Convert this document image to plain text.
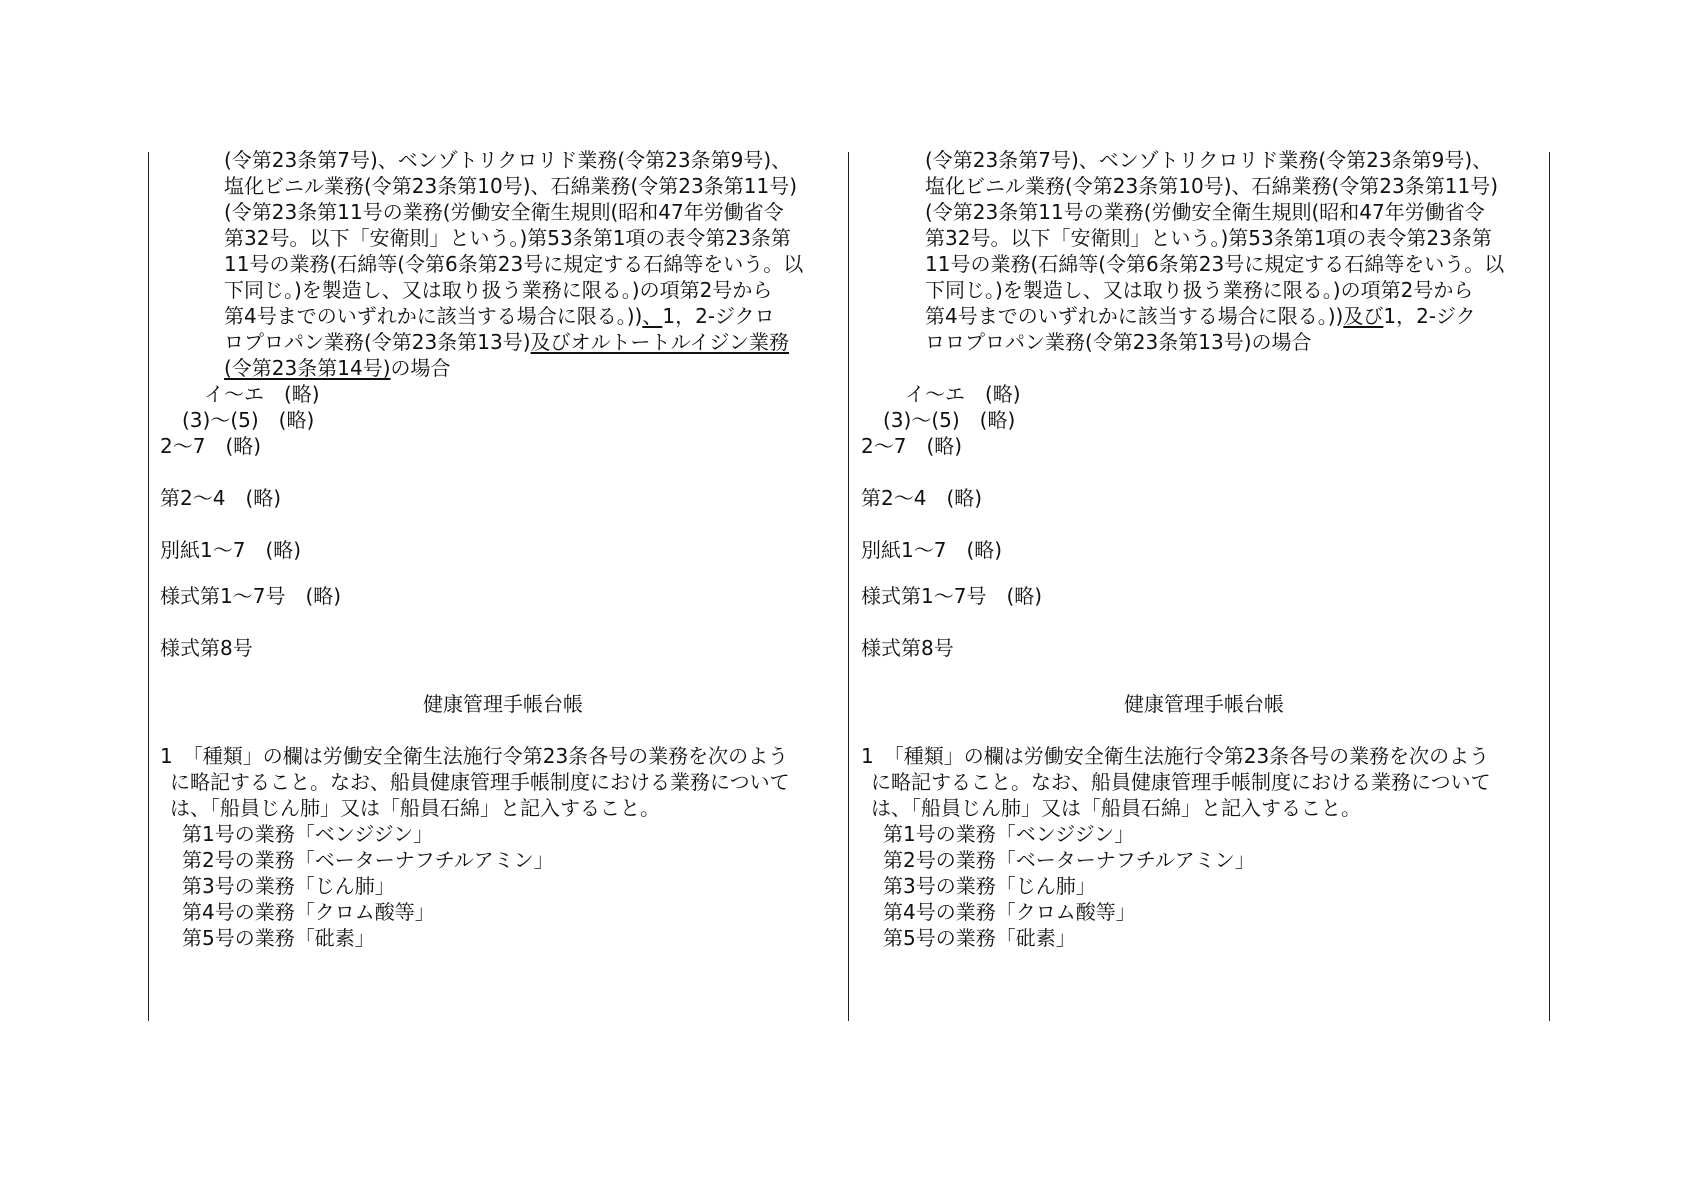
(令第23条第7号)、ベンゾトリクロリド業務(令第23条第9号)、
塩化ビニル業務(令第23条第10号)、石綿業務(令第23条第11号)
(令第23条第11号の業務(労働安全衛生規則(昭和47年労働省令
第32号。以下「安衛則」という。)第53条第1項の表令第23条第
11号の業務(石綿等(令第6条第23号に規定する石綿等をいう。以
下同じ。)を製造し、又は取り扱う業務に限る。)の項第2号から
第4号までのいずれかに該当する場合に限る。))、1，2-ジクロ
ロプロパン業務(令第23条第13号)及びオルトートルイジン業務
(令第23条第14号)の場合
イ～エ　(略)
(3)～(5)　(略)
2～7　(略)
第2～4　(略)
別紙1～7　(略)
様式第1～7号　(略)
様式第8号
健康管理手帳台帳
1　「種類」の欄は労働安全衛生法施行令第23条各号の業務を次のよう
に略記すること。なお、船員健康管理手帳制度における業務について
は、「船員じん肺」又は「船員石綿」と記入すること。
第1号の業務「ベンジジン」
第2号の業務「ベーターナフチルアミン」
第3号の業務「じん肺」
第4号の業務「クロム酸等」
第5号の業務「砒素」
(令第23条第7号)、ベンゾトリクロリド業務(令第23条第9号)、
塩化ビニル業務(令第23条第10号)、石綿業務(令第23条第11号)
(令第23条第11号の業務(労働安全衛生規則(昭和47年労働省令
第32号。以下「安衛則」という。)第53条第1項の表令第23条第
11号の業務(石綿等(令第6条第23号に規定する石綿等をいう。以
下同じ。)を製造し、又は取り扱う業務に限る。)の項第2号から
第4号までのいずれかに該当する場合に限る。))及び1，2-ジク
ロロプロパン業務(令第23条第13号)の場合
イ～エ　(略)
(3)～(5)　(略)
2～7　(略)
第2～4　(略)
別紙1～7　(略)
様式第1～7号　(略)
様式第8号
健康管理手帳台帳
1　「種類」の欄は労働安全衛生法施行令第23条各号の業務を次のよう
に略記すること。なお、船員健康管理手帳制度における業務について
は、「船員じん肺」又は「船員石綿」と記入すること。
第1号の業務「ベンジジン」
第2号の業務「ベーターナフチルアミン」
第3号の業務「じん肺」
第4号の業務「クロム酸等」
第5号の業務「砒素」
